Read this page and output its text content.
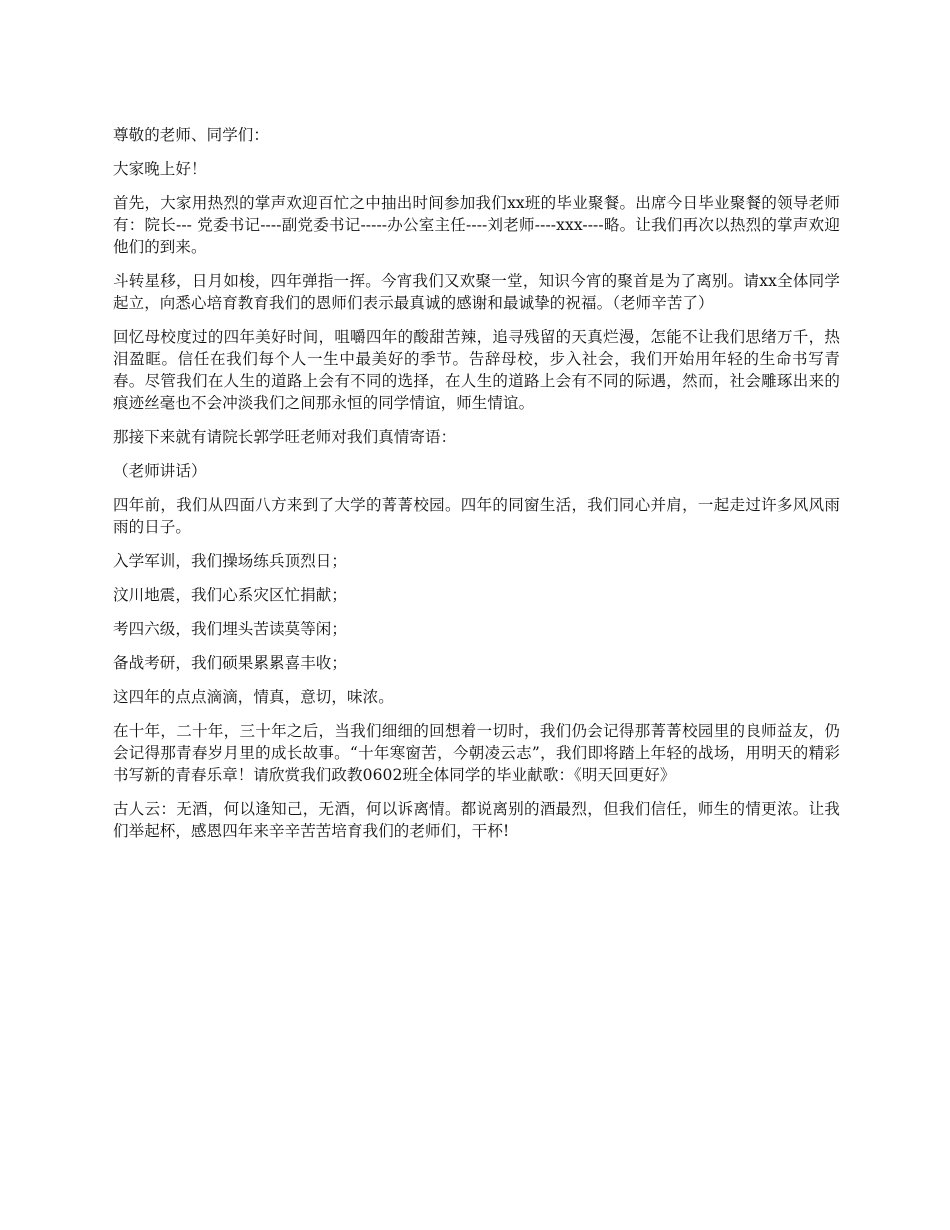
尊敬的老师、同学们：

大家晚上好！

首先，大家用热烈的掌声欢迎百忙之中抽出时间参加我们xx班的毕业聚餐。出席今日毕业聚餐的领导老师有：院长--- 党委书记----副党委书记-----办公室主任----刘老师----xxx----略。让我们再次以热烈的掌声欢迎他们的到来。

斗转星移，日月如梭，四年弹指一挥。今宵我们又欢聚一堂，知识今宵的聚首是为了离别。请xx全体同学起立，向悉心培育教育我们的恩师们表示最真诚的感谢和最诚挚的祝福。（老师辛苦了）

回忆母校度过的四年美好时间，咀嚼四年的酸甜苦辣，追寻残留的天真烂漫，怎能不让我们思绪万千，热泪盈眶。信任在我们每个人一生中最美好的季节。告辞母校，步入社会，我们开始用年轻的生命书写青春。尽管我们在人生的道路上会有不同的选择，在人生的道路上会有不同的际遇，然而，社会雕琢出来的痕迹丝毫也不会冲淡我们之间那永恒的同学情谊，师生情谊。

那接下来就有请院长郭学旺老师对我们真情寄语：

（老师讲话）

四年前，我们从四面八方来到了大学的菁菁校园。四年的同窗生活，我们同心并肩，一起走过许多风风雨雨的日子。

入学军训，我们操场练兵顶烈日；

汶川地震，我们心系灾区忙捐献；

考四六级，我们埋头苦读莫等闲；

备战考研，我们硕果累累喜丰收；

这四年的点点滴滴，情真，意切，味浓。

在十年，二十年，三十年之后，当我们细细的回想着一切时，我们仍会记得那菁菁校园里的良师益友，仍会记得那青春岁月里的成长故事。“十年寒窗苦，今朝凌云志”，我们即将踏上年轻的战场，用明天的精彩书写新的青春乐章！请欣赏我们政教0602班全体同学的毕业献歌：《明天回更好》

古人云：无酒，何以逢知己，无酒，何以诉离情。都说离别的酒最烈，但我们信任，师生的情更浓。让我们举起杯，感恩四年来辛辛苦苦培育我们的老师们，干杯!
